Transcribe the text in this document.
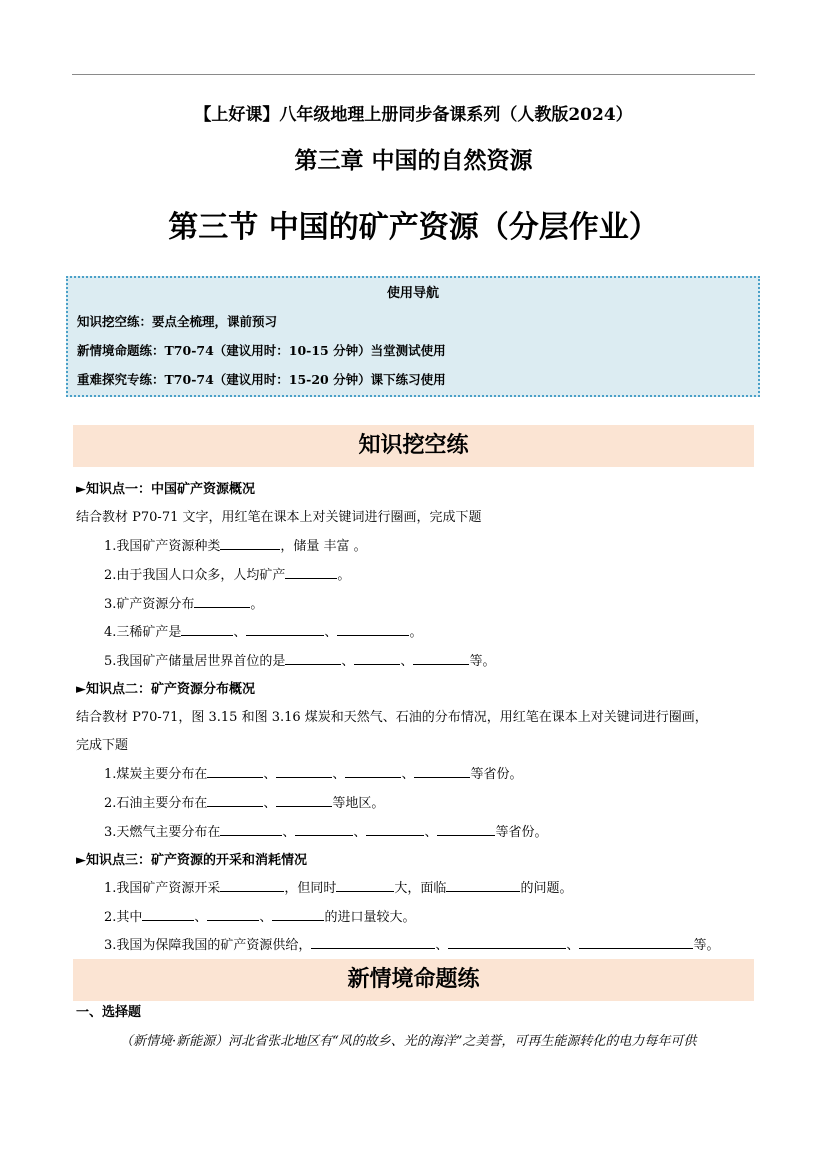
【上好课】八年级地理上册同步备课系列（人教版2024）
第三章 中国的自然资源
第三节 中国的矿产资源（分层作业）
使用导航
知识挖空练：要点全梳理，课前预习
新情境命题练：T70-74（建议用时：10-15 分钟）当堂测试使用
重难探究专练：T70-74（建议用时：15-20 分钟）课下练习使用
知识挖空练
►知识点一：中国矿产资源概况
结合教材 P70-71 文字，用红笔在课本上对关键词进行圈画，完成下题
1.我国矿产资源种类	，储量 丰富 。
2.由于我国人口众多，人均矿产	。
3.矿产资源分布	。
4.三稀矿产是	、	、	。
5.我国矿产储量居世界首位的是	、	、	等。
►知识点二：矿产资源分布概况
结合教材 P70-71，图 3.15 和图 3.16 煤炭和天然气、石油的分布情况，用红笔在课本上对关键词进行圈画，
完成下题
1.煤炭主要分布在	、	、	、	等省份。
2.石油主要分布在	、	等地区。
3.天燃气主要分布在	、	、	、	等省份。
►知识点三：矿产资源的开采和消耗情况
1.我国矿产资源开采	，但同时	大，面临	的问题。
2.其中	、	、	的进口量较大。
3.我国为保障我国的矿产资源供给，	、	、	等。
新情境命题练
一、选择题
（新情境·新能源）河北省张北地区有“风的故乡、光的海洋”之美誉，可再生能源转化的电力每年可供
